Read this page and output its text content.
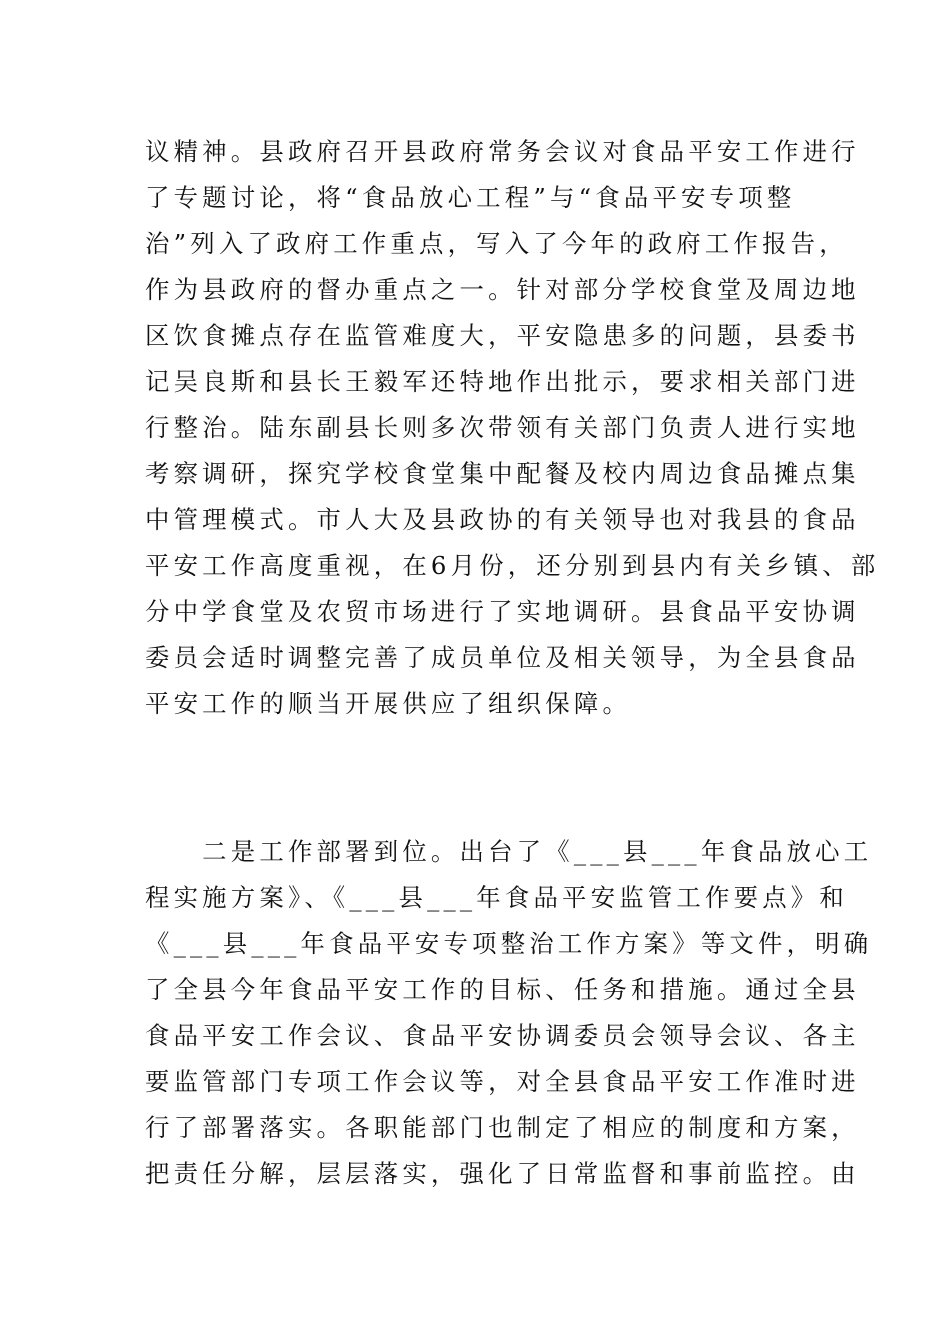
议精神。县政府召开县政府常务会议对食品平安工作进行
了专题讨论，将“食品放心工程”与“食品平安专项整
治”列入了政府工作重点，写入了今年的政府工作报告，
作为县政府的督办重点之一。针对部分学校食堂及周边地
区饮食摊点存在监管难度大，平安隐患多的问题，县委书
记吴良斯和县长王毅军还特地作出批示，要求相关部门进
行整治。陆东副县长则多次带领有关部门负责人进行实地
考察调研，探究学校食堂集中配餐及校内周边食品摊点集
中管理模式。市人大及县政协的有关领导也对我县的食品
平安工作高度重视，在6月份，还分别到县内有关乡镇、部
分中学食堂及农贸市场进行了实地调研。县食品平安协调
委员会适时调整完善了成员单位及相关领导，为全县食品
平安工作的顺当开展供应了组织保障。
　　二是工作部署到位。出台了《___县___年食品放心工
程实施方案》、《___县___年食品平安监管工作要点》和
《___县___年食品平安专项整治工作方案》等文件，明确
了全县今年食品平安工作的目标、任务和措施。通过全县
食品平安工作会议、食品平安协调委员会领导会议、各主
要监管部门专项工作会议等，对全县食品平安工作准时进
行了部署落实。各职能部门也制定了相应的制度和方案，
把责任分解，层层落实，强化了日常监督和事前监控。由
